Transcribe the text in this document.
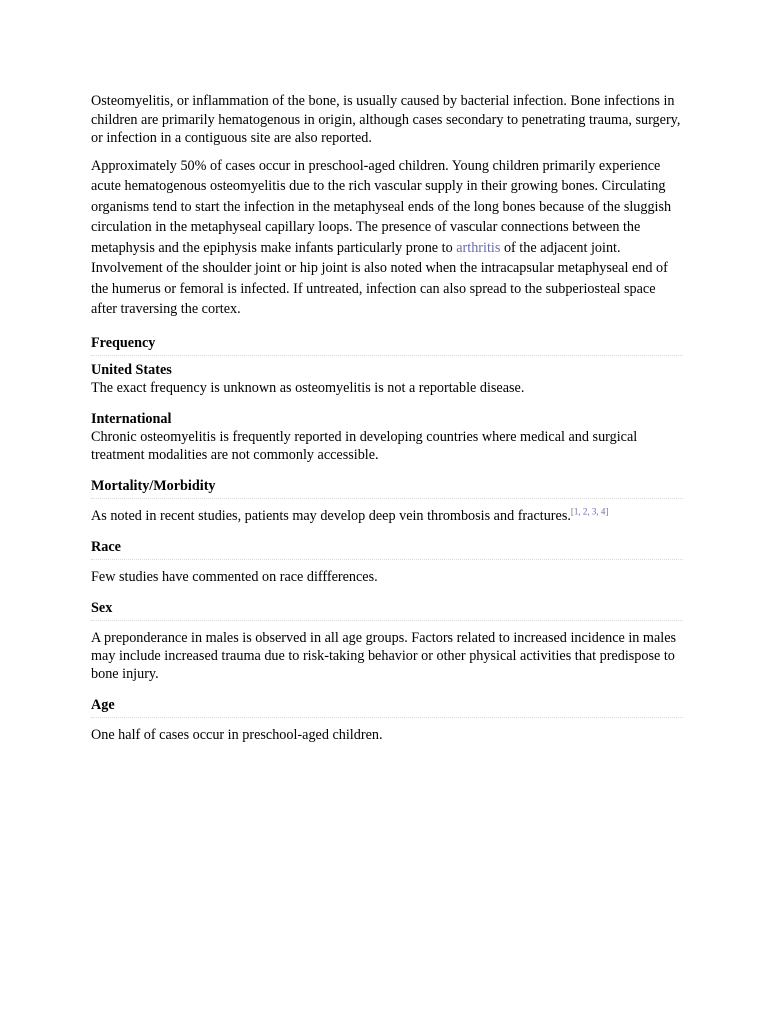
Osteomyelitis, or inflammation of the bone, is usually caused by bacterial infection. Bone infections in children are primarily hematogenous in origin, although cases secondary to penetrating trauma, surgery, or infection in a contiguous site are also reported.

Approximately 50% of cases occur in preschool-aged children. Young children primarily experience acute hematogenous osteomyelitis due to the rich vascular supply in their growing bones. Circulating organisms tend to start the infection in the metaphyseal ends of the long bones because of the sluggish circulation in the metaphyseal capillary loops. The presence of vascular connections between the metaphysis and the epiphysis make infants particularly prone to arthritis of the adjacent joint. Involvement of the shoulder joint or hip joint is also noted when the intracapsular metaphyseal end of the humerus or femoral is infected. If untreated, infection can also spread to the subperiosteal space after traversing the cortex.

Frequency
United States

The exact frequency is unknown as osteomyelitis is not a reportable disease.

International

Chronic osteomyelitis is frequently reported in developing countries where medical and surgical treatment modalities are not commonly accessible.

Mortality/Morbidity

As noted in recent studies, patients may develop deep vein thrombosis and fractures.[1, 2, 3, 4]

Race

Few studies have commented on race diffferences.

Sex

A preponderance in males is observed in all age groups. Factors related to increased incidence in males may include increased trauma due to risk-taking behavior or other physical activities that predispose to bone injury.

Age

One half of cases occur in preschool-aged children.
